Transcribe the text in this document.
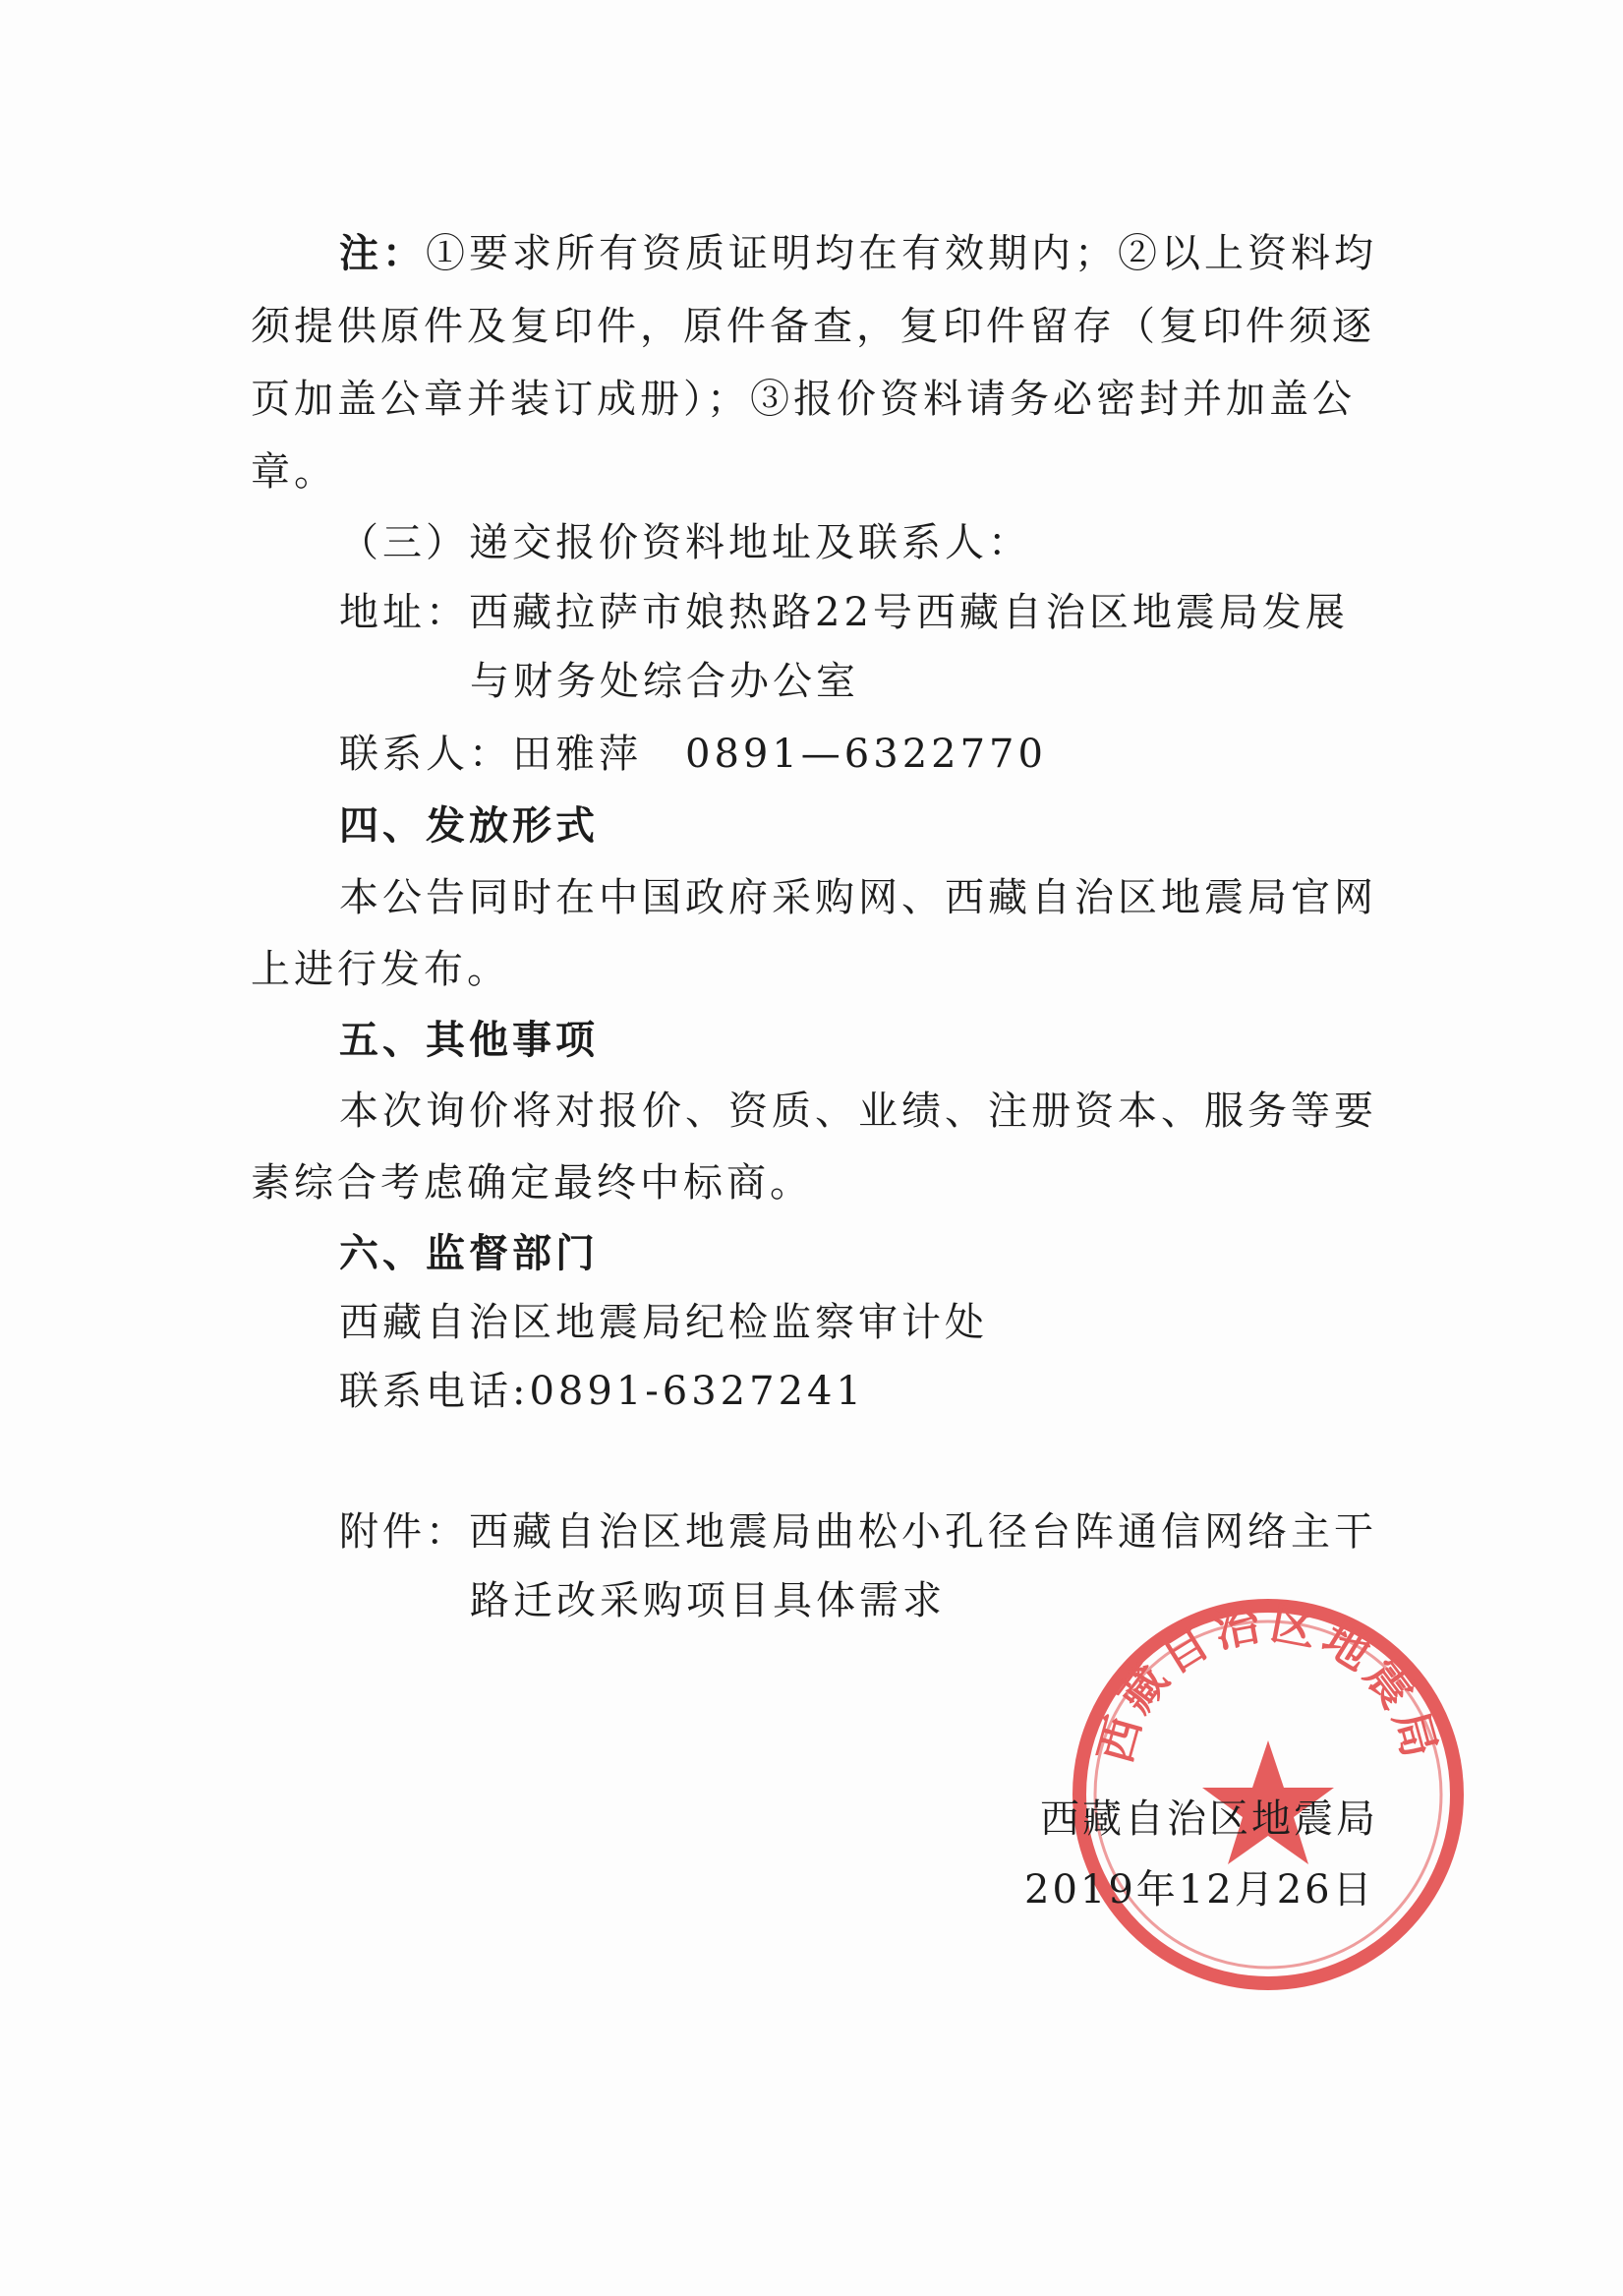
注：①要求所有资质证明均在有效期内；②以上资料均
须提供原件及复印件，原件备查，复印件留存（复印件须逐
页加盖公章并装订成册）；③报价资料请务必密封并加盖公
章。
（三）递交报价资料地址及联系人：
地址：西藏拉萨市娘热路22号西藏自治区地震局发展
与财务处综合办公室
联系人：田雅萍　0891—6322770
四、发放形式
本公告同时在中国政府采购网、西藏自治区地震局官网
上进行发布。
五、其他事项
本次询价将对报价、资质、业绩、注册资本、服务等要
素综合考虑确定最终中标商。
六、监督部门
西藏自治区地震局纪检监察审计处
联系电话:0891-6327241
附件：西藏自治区地震局曲松小孔径台阵通信网络主干
路迁改采购项目具体需求
西藏自治区地震局
西藏自治区地震局
2019年12月26日
